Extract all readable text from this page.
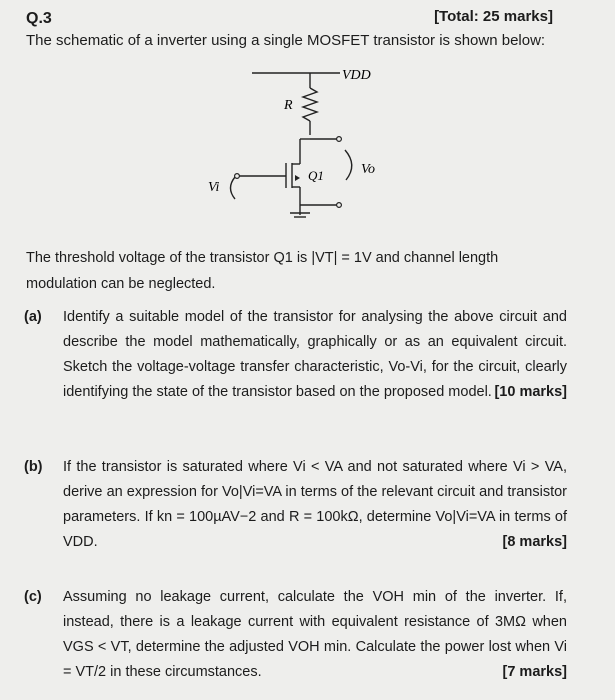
Q.3	[Total: 25 marks]
The schematic of a inverter using a single MOSFET transistor is shown below:
VDD
R
Q1	Vo
Vi
The threshold voltage of the transistor Q1 is |VT| = 1V and channel length
modulation can be neglected.
(a) Identify a suitable model of the transistor for analysing the above circuit and describe the model mathematically, graphically or as an equivalent circuit. Sketch the voltage-voltage transfer characteristic, Vo-Vi, for the circuit, clearly identifying the state of the transistor based on the proposed model. [10 marks]
(b) If the transistor is saturated where Vi < VA and not saturated where Vi > VA, derive an expression for Vo|Vi=VA in terms of the relevant circuit and transistor parameters. If kn = 100µAV−2 and R = 100kΩ, determine Vo|Vi=VA in terms of VDD.	[8 marks]
(c) Assuming no leakage current, calculate the VOH min of the inverter. If, instead, there is a leakage current with equivalent resistance of 3MΩ when VGS < VT, determine the adjusted VOH min. Calculate the power lost when Vi = VT/2 in these circumstances.	[7 marks]
